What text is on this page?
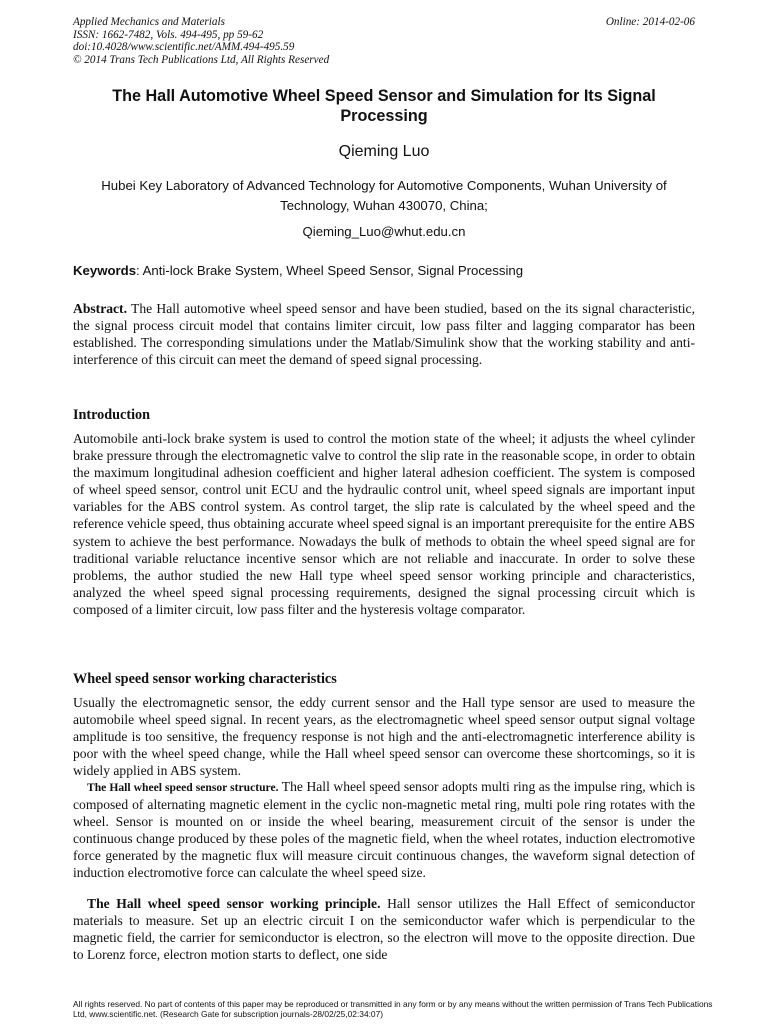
Applied Mechanics and Materials
ISSN: 1662-7482, Vols. 494-495, pp 59-62
doi:10.4028/www.scientific.net/AMM.494-495.59
© 2014 Trans Tech Publications Ltd, All Rights Reserved
Online: 2014-02-06
The Hall Automotive Wheel Speed Sensor and Simulation for Its Signal Processing
Qieming Luo
Hubei Key Laboratory of Advanced Technology for Automotive Components, Wuhan University of Technology, Wuhan 430070, China;
Qieming_Luo@whut.edu.cn
Keywords: Anti-lock Brake System, Wheel Speed Sensor, Signal Processing

Abstract. The Hall automotive wheel speed sensor and have been studied, based on the its signal characteristic, the signal process circuit model that contains limiter circuit, low pass filter and lagging comparator has been established. The corresponding simulations under the Matlab/Simulink show that the working stability and anti-interference of this circuit can meet the demand of speed signal processing.

Introduction

Automobile anti-lock brake system is used to control the motion state of the wheel; it adjusts the wheel cylinder brake pressure through the electromagnetic valve to control the slip rate in the reasonable scope, in order to obtain the maximum longitudinal adhesion coefficient and higher lateral adhesion coefficient. The system is composed of wheel speed sensor, control unit ECU and the hydraulic control unit, wheel speed signals are important input variables for the ABS control system. As control target, the slip rate is calculated by the wheel speed and the reference vehicle speed, thus obtaining accurate wheel speed signal is an important prerequisite for the entire ABS system to achieve the best performance. Nowadays the bulk of methods to obtain the wheel speed signal are for traditional variable reluctance incentive sensor which are not reliable and inaccurate. In order to solve these problems, the author studied the new Hall type wheel speed sensor working principle and characteristics, analyzed the wheel speed signal processing requirements, designed the signal processing circuit which is composed of a limiter circuit, low pass filter and the hysteresis voltage comparator.

Wheel speed sensor working characteristics

Usually the electromagnetic sensor, the eddy current sensor and the Hall type sensor are used to measure the automobile wheel speed signal. In recent years, as the electromagnetic wheel speed sensor output signal voltage amplitude is too sensitive, the frequency response is not high and the anti-electromagnetic interference ability is poor with the wheel speed change, while the Hall wheel speed sensor can overcome these shortcomings, so it is widely applied in ABS system.

The Hall wheel speed sensor structure. The Hall wheel speed sensor adopts multi ring as the impulse ring, which is composed of alternating magnetic element in the cyclic non-magnetic metal ring, multi pole ring rotates with the wheel. Sensor is mounted on or inside the wheel bearing, measurement circuit of the sensor is under the continuous change produced by these poles of the magnetic field, when the wheel rotates, induction electromotive force generated by the magnetic flux will measure circuit continuous changes, the waveform signal detection of induction electromotive force can calculate the wheel speed size.

The Hall wheel speed sensor working principle. Hall sensor utilizes the Hall Effect of semiconductor materials to measure. Set up an electric circuit I on the semiconductor wafer which is perpendicular to the magnetic field, the carrier for semiconductor is electron, so the electron will move to the opposite direction. Due to Lorenz force, electron motion starts to deflect, one side

All rights reserved. No part of contents of this paper may be reproduced or transmitted in any form or by any means without the written permission of Trans Tech Publications Ltd, www.scientific.net. (Research Gate for subscription journals-28/02/25,02:34:07)
